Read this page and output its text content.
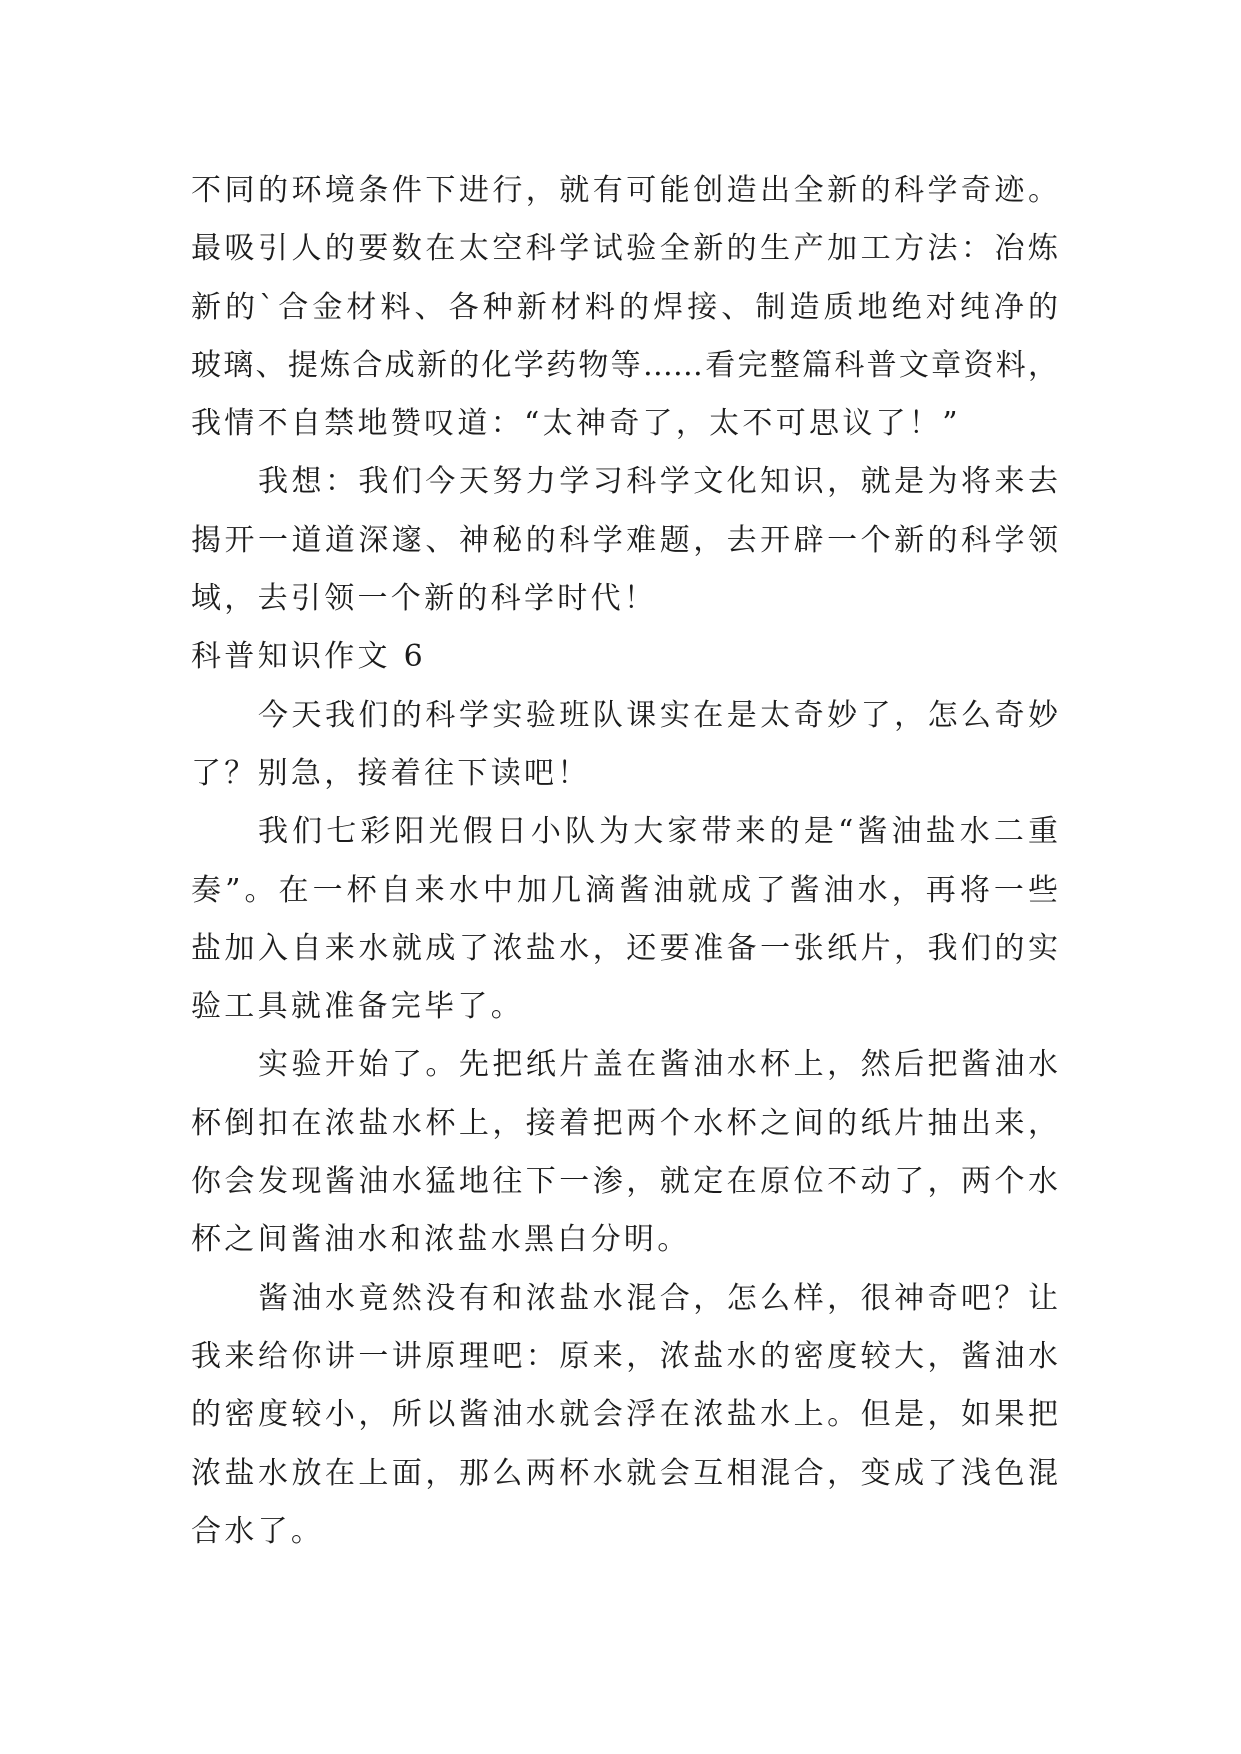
不同的环境条件下进行，就有可能创造出全新的科学奇迹。
最吸引人的要数在太空科学试验全新的生产加工方法：冶炼
新的`合金材料、各种新材料的焊接、制造质地绝对纯净的
玻璃、提炼合成新的化学药物等……看完整篇科普文章资料，
我情不自禁地赞叹道：“太神奇了，太不可思议了！”
我想：我们今天努力学习科学文化知识，就是为将来去
揭开一道道深邃、神秘的科学难题，去开辟一个新的科学领
域，去引领一个新的科学时代！
科普知识作文 6
今天我们的科学实验班队课实在是太奇妙了，怎么奇妙
了？别急，接着往下读吧！
我们七彩阳光假日小队为大家带来的是“酱油盐水二重
奏”。在一杯自来水中加几滴酱油就成了酱油水，再将一些
盐加入自来水就成了浓盐水，还要准备一张纸片，我们的实
验工具就准备完毕了。
实验开始了。先把纸片盖在酱油水杯上，然后把酱油水
杯倒扣在浓盐水杯上，接着把两个水杯之间的纸片抽出来，
你会发现酱油水猛地往下一渗，就定在原位不动了，两个水
杯之间酱油水和浓盐水黑白分明。
酱油水竟然没有和浓盐水混合，怎么样，很神奇吧？让
我来给你讲一讲原理吧：原来，浓盐水的密度较大，酱油水
的密度较小，所以酱油水就会浮在浓盐水上。但是，如果把
浓盐水放在上面，那么两杯水就会互相混合，变成了浅色混
合水了。
